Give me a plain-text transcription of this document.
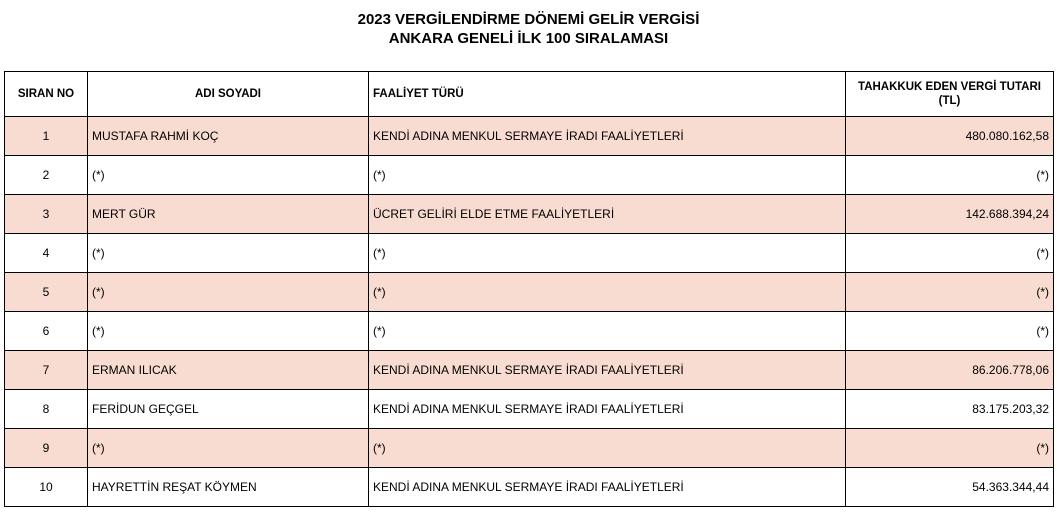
2023 VERGİLENDİRME DÖNEMİ GELİR VERGİSİ
ANKARA GENELİ İLK 100 SIRALAMASI
SIRAN NO	ADI SOYADI	FAALİYET TÜRÜ	TAHAKKUK EDEN VERGİ TUTARI (TL)
1	MUSTAFA RAHMİ KOÇ	KENDİ ADINA MENKUL SERMAYE İRADI FAALİYETLERİ	480.080.162,58
2	(*)	(*)	(*)
3	MERT GÜR	ÜCRET GELİRİ ELDE ETME FAALİYETLERİ	142.688.394,24
4	(*)	(*)	(*)
5	(*)	(*)	(*)
6	(*)	(*)	(*)
7	ERMAN ILICAK	KENDİ ADINA MENKUL SERMAYE İRADI FAALİYETLERİ	86.206.778,06
8	FERİDUN GEÇGEL	KENDİ ADINA MENKUL SERMAYE İRADI FAALİYETLERİ	83.175.203,32
9	(*)	(*)	(*)
10	HAYRETTİN REŞAT KÖYMEN	KENDİ ADINA MENKUL SERMAYE İRADI FAALİYETLERİ	54.363.344,44
